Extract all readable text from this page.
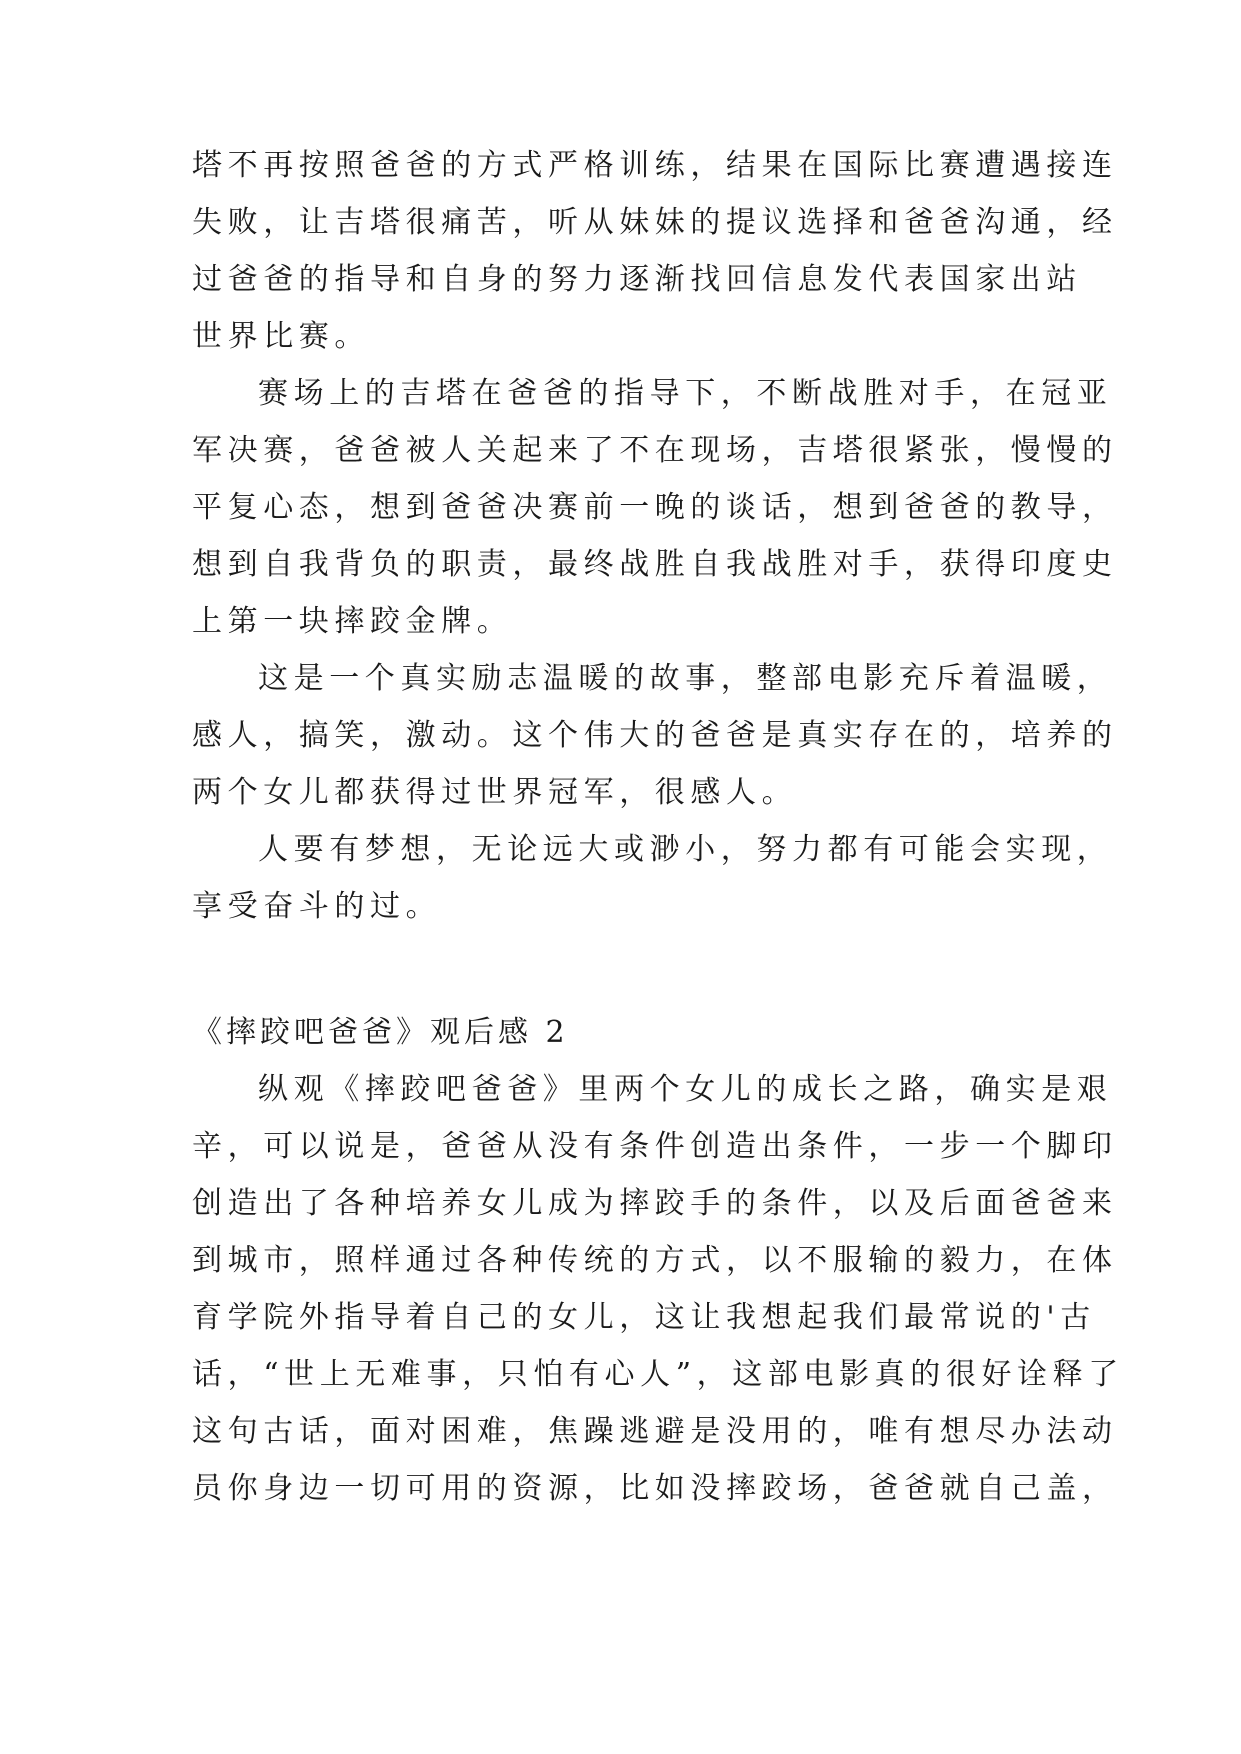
塔不再按照爸爸的方式严格训练，结果在国际比赛遭遇接连
失败，让吉塔很痛苦，听从妹妹的提议选择和爸爸沟通，经
过爸爸的指导和自身的努力逐渐找回信息发代表国家出站
世界比赛。
赛场上的吉塔在爸爸的指导下，不断战胜对手，在冠亚
军决赛，爸爸被人关起来了不在现场，吉塔很紧张，慢慢的
平复心态，想到爸爸决赛前一晚的谈话，想到爸爸的教导，
想到自我背负的职责，最终战胜自我战胜对手，获得印度史
上第一块摔跤金牌。
这是一个真实励志温暖的故事，整部电影充斥着温暖，
感人，搞笑，激动。这个伟大的爸爸是真实存在的，培养的
两个女儿都获得过世界冠军，很感人。
人要有梦想，无论远大或渺小，努力都有可能会实现，
享受奋斗的过。
《摔跤吧爸爸》观后感 2
纵观《摔跤吧爸爸》里两个女儿的成长之路，确实是艰
辛，可以说是，爸爸从没有条件创造出条件，一步一个脚印
创造出了各种培养女儿成为摔跤手的条件，以及后面爸爸来
到城市，照样通过各种传统的方式，以不服输的毅力，在体
育学院外指导着自己的女儿，这让我想起我们最常说的'古
话，“世上无难事，只怕有心人”，这部电影真的很好诠释了
这句古话，面对困难，焦躁逃避是没用的，唯有想尽办法动
员你身边一切可用的资源，比如没摔跤场，爸爸就自己盖，
